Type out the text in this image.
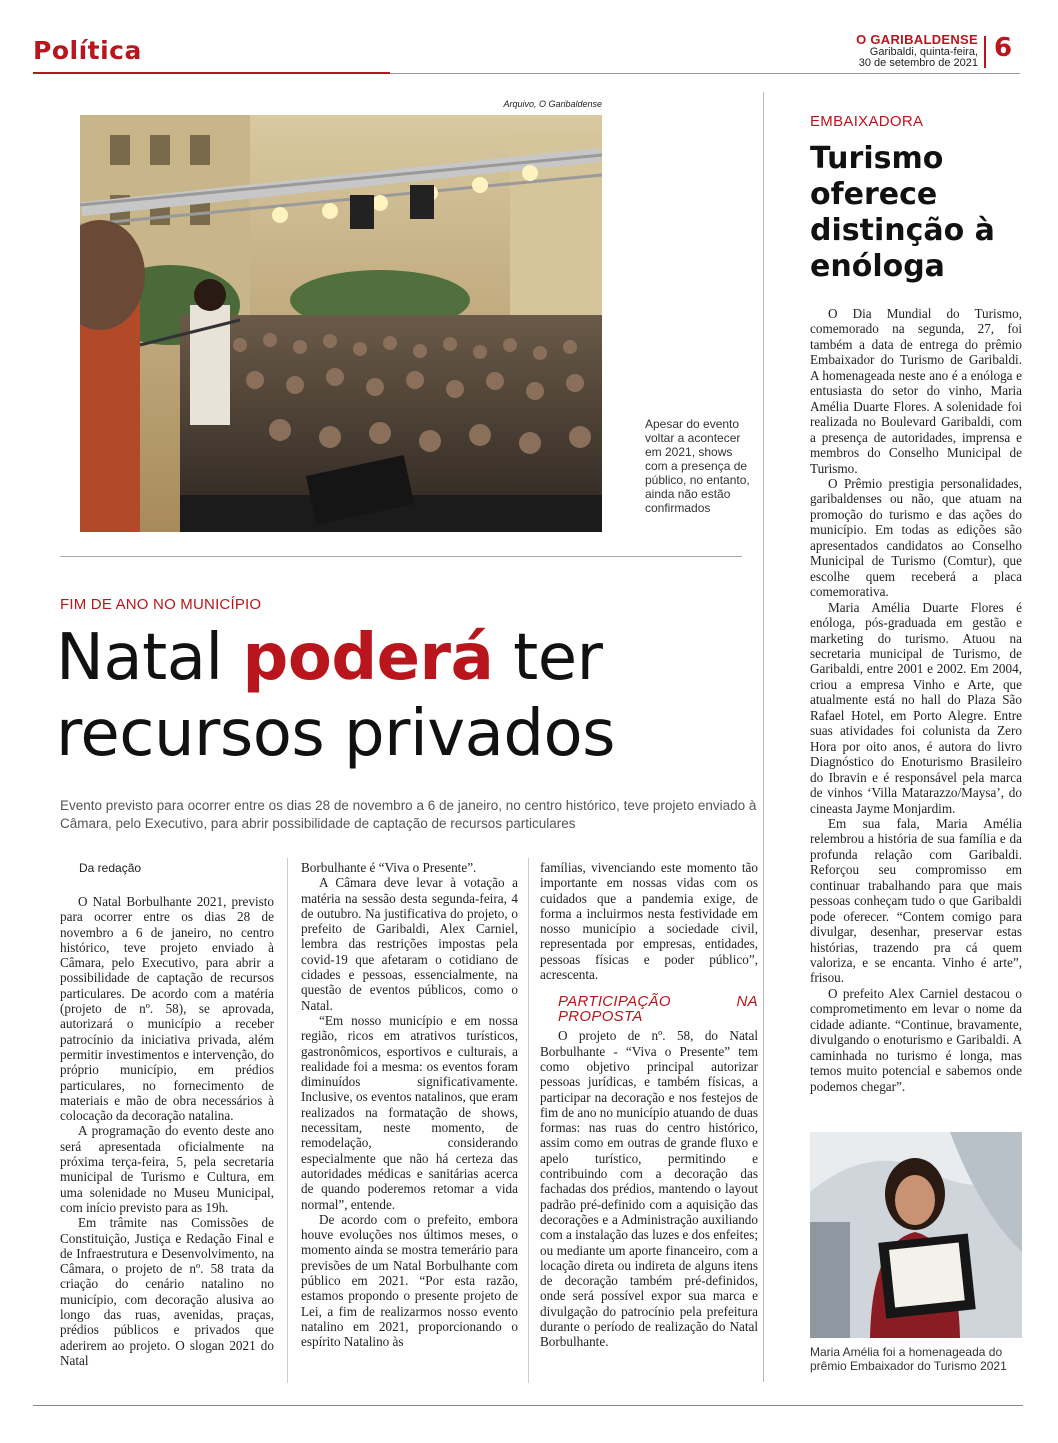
Política	O GARIBALDENSE
Garibaldi, quinta-feira,
30 de setembro de 2021 6
Arquivo, O Garibaldense
Apesar do evento voltar a acontecer em 2021, shows com a presença de público, no entanto, ainda não estão confirmados
FIM DE ANO NO MUNICÍPIO
Natal poderá ter recursos privados
Evento previsto para ocorrer entre os dias 28 de novembro a 6 de janeiro, no centro histórico, teve projeto enviado à Câmara, pelo Executivo, para abrir possibilidade de captação de recursos particulares
Da redação

O Natal Borbulhante 2021, previsto para ocorrer entre os dias 28 de novembro a 6 de janeiro, no centro histórico, teve projeto enviado à Câmara, pelo Executivo, para abrir a possibilidade de captação de recursos particulares. De acordo com a matéria (projeto de nº. 58), se aprovada, autorizará o município a receber patrocínio da iniciativa privada, além permitir investimentos e intervenção, do próprio município, em prédios particulares, no fornecimento de materiais e mão de obra necessários à colocação da decoração natalina.

A programação do evento deste ano será apresentada oficialmente na próxima terça-feira, 5, pela secretaria municipal de Turismo e Cultura, em uma solenidade no Museu Municipal, com início previsto para as 19h.

Em trâmite nas Comissões de Constituição, Justiça e Redação Final e de Infraestrutura e Desenvolvimento, na Câmara, o projeto de nº. 58 trata da criação do cenário natalino no município, com decoração alusiva ao longo das ruas, avenidas, praças, prédios públicos e privados que aderirem ao projeto. O slogan 2021 do Natal

Borbulhante é “Viva o Presente”.

A Câmara deve levar à votação a matéria na sessão desta segunda-feira, 4 de outubro. Na justificativa do projeto, o prefeito de Garibaldi, Alex Carniel, lembra das restrições impostas pela covid-19 que afetaram o cotidiano de cidades e pessoas, essencialmente, na questão de eventos públicos, como o Natal.

“Em nosso município e em nossa região, ricos em atrativos turísticos, gastronômicos, esportivos e culturais, a realidade foi a mesma: os eventos foram diminuídos significativamente. Inclusive, os eventos natalinos, que eram realizados na formatação de shows, necessitam, neste momento, de remodelação, considerando especialmente que não há certeza das autoridades médicas e sanitárias acerca de quando poderemos retomar a vida normal”, entende.

De acordo com o prefeito, embora houve evoluções nos últimos meses, o momento ainda se mostra temerário para previsões de um Natal Borbulhante com público em 2021. “Por esta razão, estamos propondo o presente projeto de Lei, a fim de realizarmos nosso evento natalino em 2021, proporcionando o espírito Natalino às

famílias, vivenciando este momento tão importante em nossas vidas com os cuidados que a pandemia exige, de forma a incluirmos nesta festividade em nosso município a sociedade civil, representada por empresas, entidades, pessoas físicas e poder público”, acrescenta.

PARTICIPAÇÃO NA PROPOSTA

O projeto de nº. 58, do Natal Borbulhante - “Viva o Presente” tem como objetivo principal autorizar pessoas jurídicas, e também físicas, a participar na decoração e nos festejos de fim de ano no município atuando de duas formas: nas ruas do centro histórico, assim como em outras de grande fluxo e apelo turístico, permitindo e contribuindo com a decoração das fachadas dos prédios, mantendo o layout padrão pré-definido com a aquisição das decorações e a Administração auxiliando com a instalação das luzes e dos enfeites; ou mediante um aporte financeiro, com a locação direta ou indireta de alguns itens de decoração também pré-definidos, onde será possível expor sua marca e divulgação do patrocínio pela prefeitura durante o período de realização do Natal Borbulhante.

EMBAIXADORA
Turismo oferece distinção à enóloga

O Dia Mundial do Turismo, comemorado na segunda, 27, foi também a data de entrega do prêmio Embaixador do Turismo de Garibaldi. A homenageada neste ano é a enóloga e entusiasta do setor do vinho, Maria Amélia Duarte Flores. A solenidade foi realizada no Boulevard Garibaldi, com a presença de autoridades, imprensa e membros do Conselho Municipal de Turismo.

O Prêmio prestigia personalidades, garibaldenses ou não, que atuam na promoção do turismo e das ações do município. Em todas as edições são apresentados candidatos ao Conselho Municipal de Turismo (Comtur), que escolhe quem receberá a placa comemorativa.

Maria Amélia Duarte Flores é enóloga, pós-graduada em gestão e marketing do turismo. Atuou na secretaria municipal de Turismo, de Garibaldi, entre 2001 e 2002. Em 2004, criou a empresa Vinho e Arte, que atualmente está no hall do Plaza São Rafael Hotel, em Porto Alegre. Entre suas atividades foi colunista da Zero Hora por oito anos, é autora do livro Diagnóstico do Enoturismo Brasileiro do Ibravin e é responsável pela marca de vinhos ‘Villa Matarazzo/Maysa’, do cineasta Jayme Monjardim.

Em sua fala, Maria Amélia relembrou a história de sua família e da profunda relação com Garibaldi. Reforçou seu compromisso em continuar trabalhando para que mais pessoas conheçam tudo o que Garibaldi pode oferecer. “Contem comigo para divulgar, desenhar, preservar estas histórias, trazendo pra cá quem valoriza, e se encanta. Vinho é arte”, frisou.

O prefeito Alex Carniel destacou o comprometimento em levar o nome da cidade adiante. “Continue, bravamente, divulgando o enoturismo e Garibaldi. A caminhada no turismo é longa, mas temos muito potencial e sabemos onde podemos chegar”.

Maria Amélia foi a homenageada do prêmio Embaixador do Turismo 2021
